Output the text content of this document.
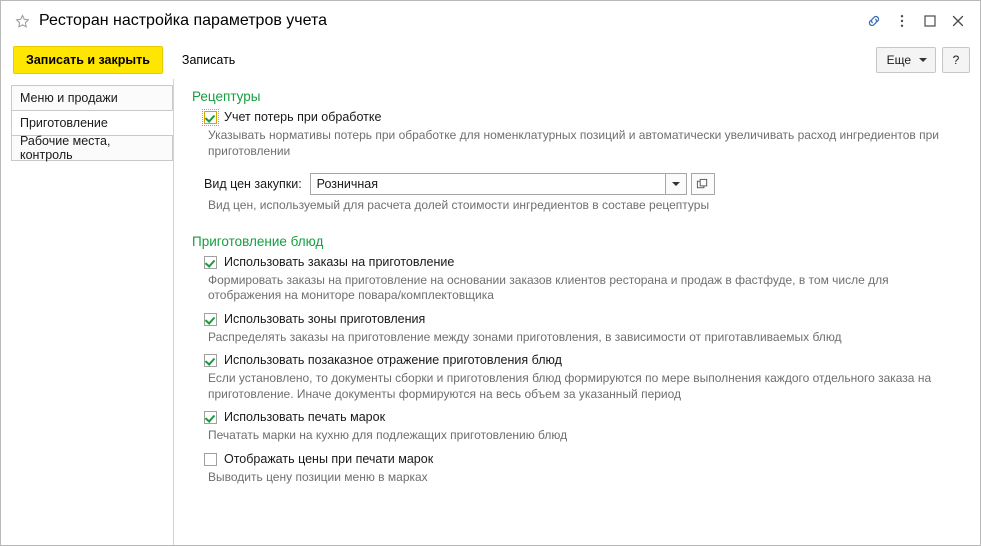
Ресторан настройка параметров учета
Записать и закрыть	Записать	Еще	?
Меню и продажи
Приготовление
Рабочие места, контроль
Рецептуры
Учет потерь при обработке
Указывать нормативы потерь при обработке для номенклатурных позиций и автоматически увеличивать расход ингредиентов при приготовлении
Вид цен закупки:	Розничная
Вид цен, используемый для расчета долей стоимости ингредиентов в составе рецептуры
Приготовление блюд
Использовать заказы на приготовление
Формировать заказы на приготовление на основании заказов клиентов ресторана и продаж в фастфуде, в том числе для отображения на мониторе повара/комплектовщика
Использовать зоны приготовления
Распределять заказы на приготовление между зонами приготовления, в зависимости от приготавливаемых блюд
Использовать позаказное отражение приготовления блюд
Если установлено, то документы сборки и приготовления блюд формируются по мере выполнения каждого отдельного заказа на приготовление. Иначе документы формируются на весь объем за указанный период
Использовать печать марок
Печатать марки на кухню для подлежащих приготовлению блюд
Отображать цены при печати марок
Выводить цену позиции меню в марках
